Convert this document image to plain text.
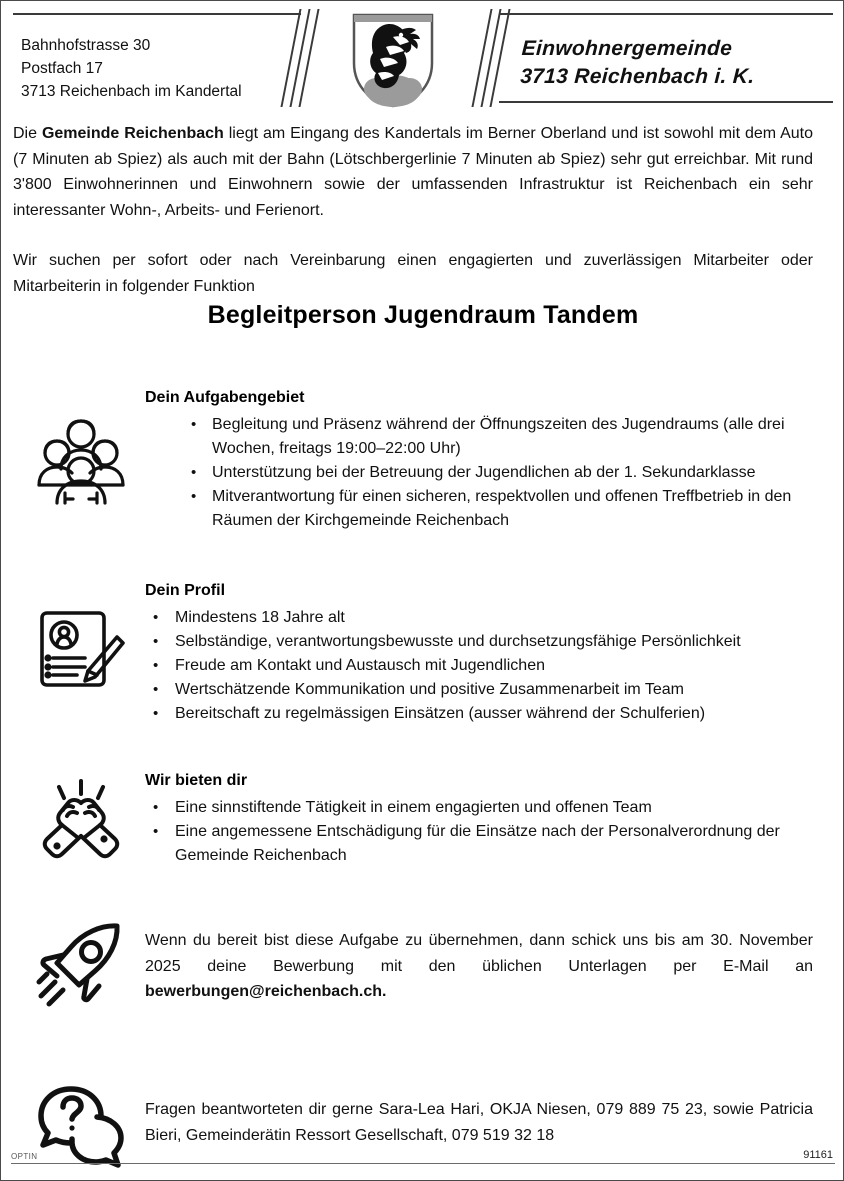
Bahnhofstrasse 30
Postfach 17
3713 Reichenbach im Kandertal
Einwohnergemeinde
3713 Reichenbach i. K.

Die Gemeinde Reichenbach liegt am Eingang des Kandertals im Berner Oberland und ist sowohl mit dem Auto (7 Minuten ab Spiez) als auch mit der Bahn (Lötschbergerlinie 7 Minuten ab Spiez) sehr gut erreichbar. Mit rund 3'800 Einwohnerinnen und Einwohnern sowie der umfassenden Infrastruktur ist Reichenbach ein sehr interessanter Wohn-, Arbeits- und Ferienort.

Wir suchen per sofort oder nach Vereinbarung einen engagierten und zuverlässigen Mitarbeiter oder Mitarbeiterin in folgender Funktion

Begleitperson Jugendraum Tandem
Dein Aufgabengebiet
• Begleitung und Präsenz während der Öffnungszeiten des Jugendraums (alle drei Wochen, freitags 19:00–22:00 Uhr)
• Unterstützung bei der Betreuung der Jugendlichen ab der 1. Sekundarklasse
• Mitverantwortung für einen sicheren, respektvollen und offenen Treffbetrieb in den Räumen der Kirchgemeinde Reichenbach
Dein Profil
• Mindestens 18 Jahre alt
• Selbständige, verantwortungsbewusste und durchsetzungsfähige Persönlichkeit
• Freude am Kontakt und Austausch mit Jugendlichen
• Wertschätzende Kommunikation und positive Zusammenarbeit im Team
• Bereitschaft zu regelmässigen Einsätzen (ausser während der Schulferien)
Wir bieten dir
• Eine sinnstiftende Tätigkeit in einem engagierten und offenen Team
• Eine angemessene Entschädigung für die Einsätze nach der Personalverordnung der Gemeinde Reichenbach
Wenn du bereit bist diese Aufgabe zu übernehmen, dann schick uns bis am 30. November 2025 deine Bewerbung mit den üblichen Unterlagen per E-Mail an bewerbungen@reichenbach.ch.
Fragen beantworteten dir gerne Sara-Lea Hari, OKJA Niesen, 079 889 75 23, sowie Patricia Bieri, Gemeinderätin Ressort Gesellschaft, 079 519 32 18
OPTIN	91161
